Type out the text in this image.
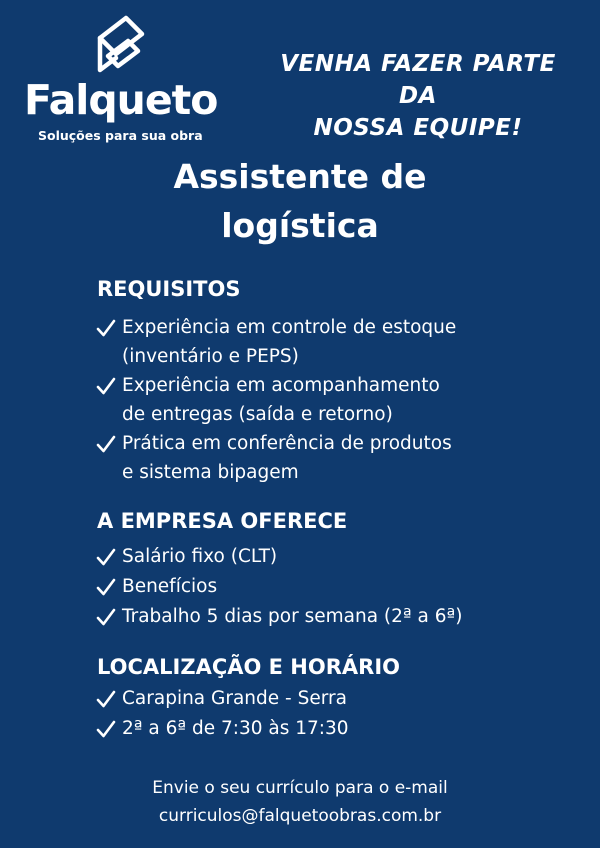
Falqueto
Soluções para sua obra
VENHA FAZER PARTE DA
NOSSA EQUIPE!
Assistente de
logística
REQUISITOS
Experiência em controle de estoque
(inventário e PEPS)
Experiência em acompanhamento
de entregas (saída e retorno)
Prática em conferência de produtos
e sistema bipagem
A EMPRESA OFERECE
Salário fixo (CLT)
Benefícios
Trabalho 5 dias por semana (2ª a 6ª)
LOCALIZAÇÃO E HORÁRIO
Carapina Grande - Serra
2ª a 6ª de 7:30 às 17:30
Envie o seu currículo para o e-mail
curriculos@falquetoobras.com.br
